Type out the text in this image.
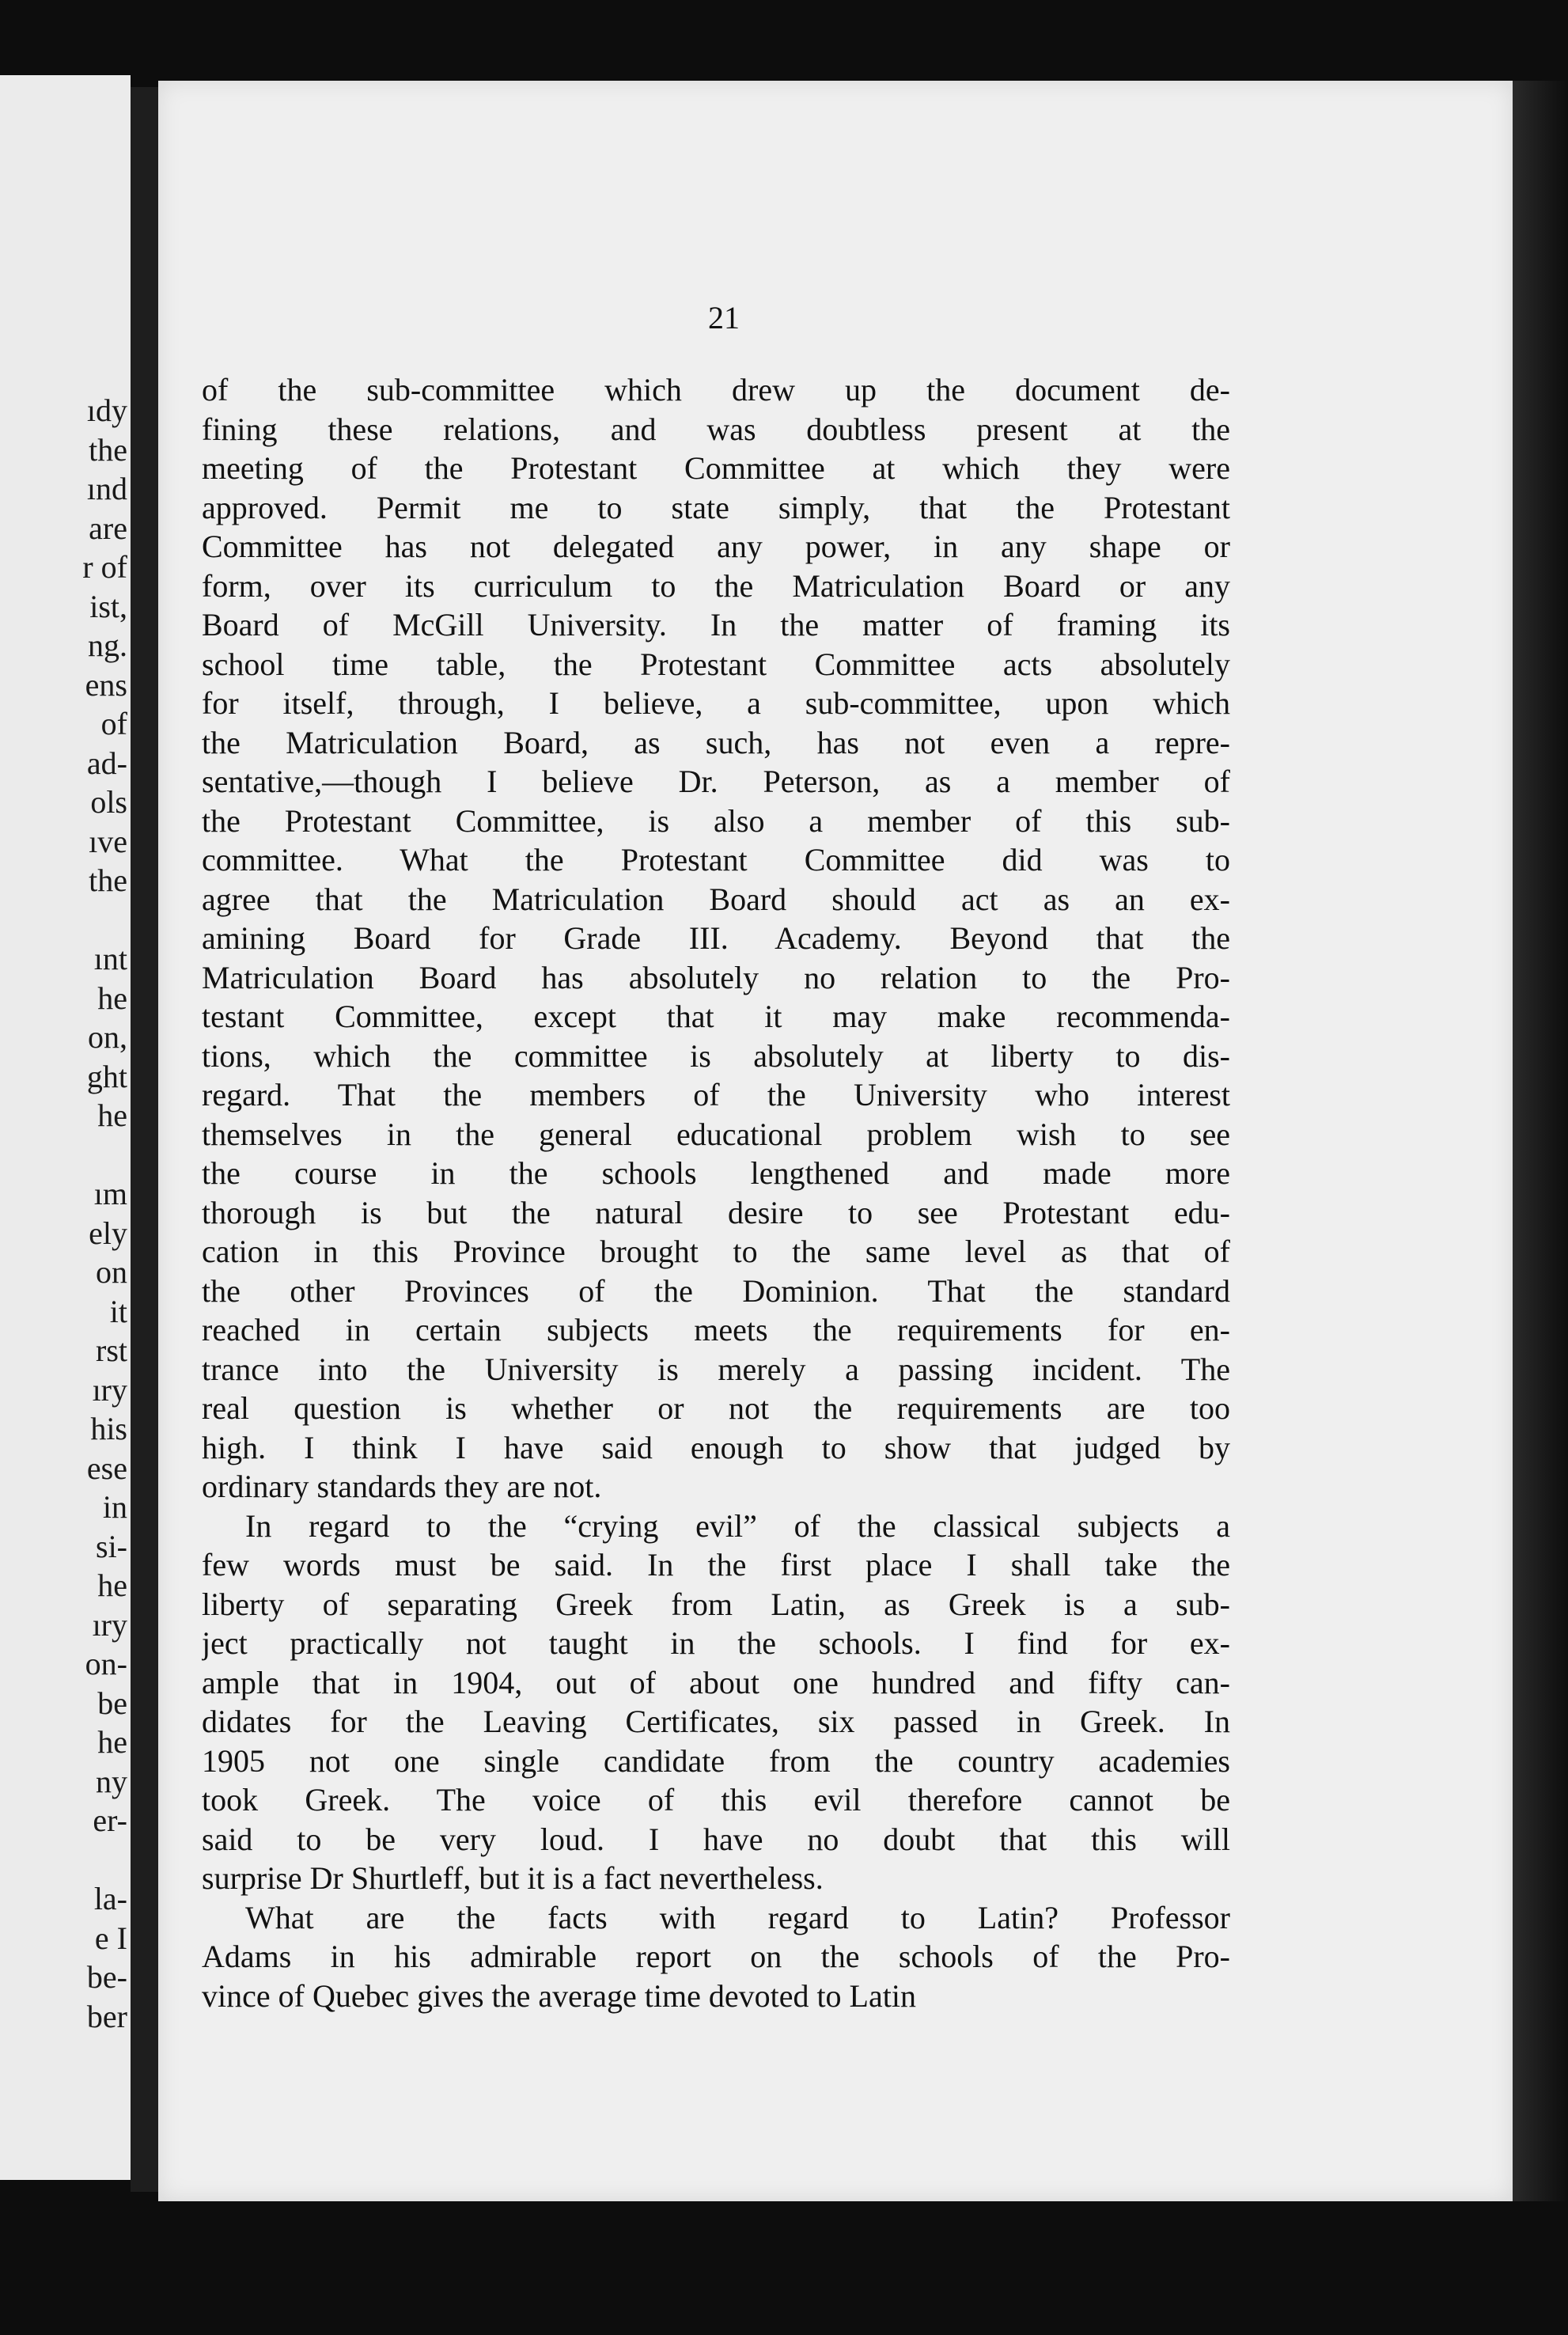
ıdy
the
ınd
are
r of
ist,
ng.
ens
of
ad-
ols
ıve
the
ınt
he
on,
ght
he
ım
ely
on
it
rst
ıry
his
ese
in
si-
he
ıry
on-
be
he
ny
er-
la-
e I
be-
ber
21
of the sub-committee which drew up the document de-
fining these relations, and was doubtless present at the
meeting of the Protestant Committee at which they were
approved. Permit me to state simply, that the Protestant
Committee has not delegated any power, in any shape or
form, over its curriculum to the Matriculation Board or any
Board of McGill University. In the matter of framing its
school time table, the Protestant Committee acts absolutely
for itself, through, I believe, a sub-committee, upon which
the Matriculation Board, as such, has not even a repre-
sentative,—though I believe Dr. Peterson, as a member of
the Protestant Committee, is also a member of this sub-
committee. What the Protestant Committee did was to
agree that the Matriculation Board should act as an ex-
amining Board for Grade III. Academy. Beyond that the
Matriculation Board has absolutely no relation to the Pro-
testant Committee, except that it may make recommenda-
tions, which the committee is absolutely at liberty to dis-
regard. That the members of the University who interest
themselves in the general educational problem wish to see
the course in the schools lengthened and made more
thorough is but the natural desire to see Protestant edu-
cation in this Province brought to the same level as that of
the other Provinces of the Dominion. That the standard
reached in certain subjects meets the requirements for en-
trance into the University is merely a passing incident. The
real question is whether or not the requirements are too
high. I think I have said enough to show that judged by
ordinary standards they are not.
In regard to the “crying evil” of the classical subjects a
few words must be said. In the first place I shall take the
liberty of separating Greek from Latin, as Greek is a sub-
ject practically not taught in the schools. I find for ex-
ample that in 1904, out of about one hundred and fifty can-
didates for the Leaving Certificates, six passed in Greek. In
1905 not one single candidate from the country academies
took Greek. The voice of this evil therefore cannot be
said to be very loud. I have no doubt that this will
surprise Dr Shurtleff, but it is a fact nevertheless.
What are the facts with regard to Latin? Professor
Adams in his admirable report on the schools of the Pro-
vince of Quebec gives the average time devoted to Latin
